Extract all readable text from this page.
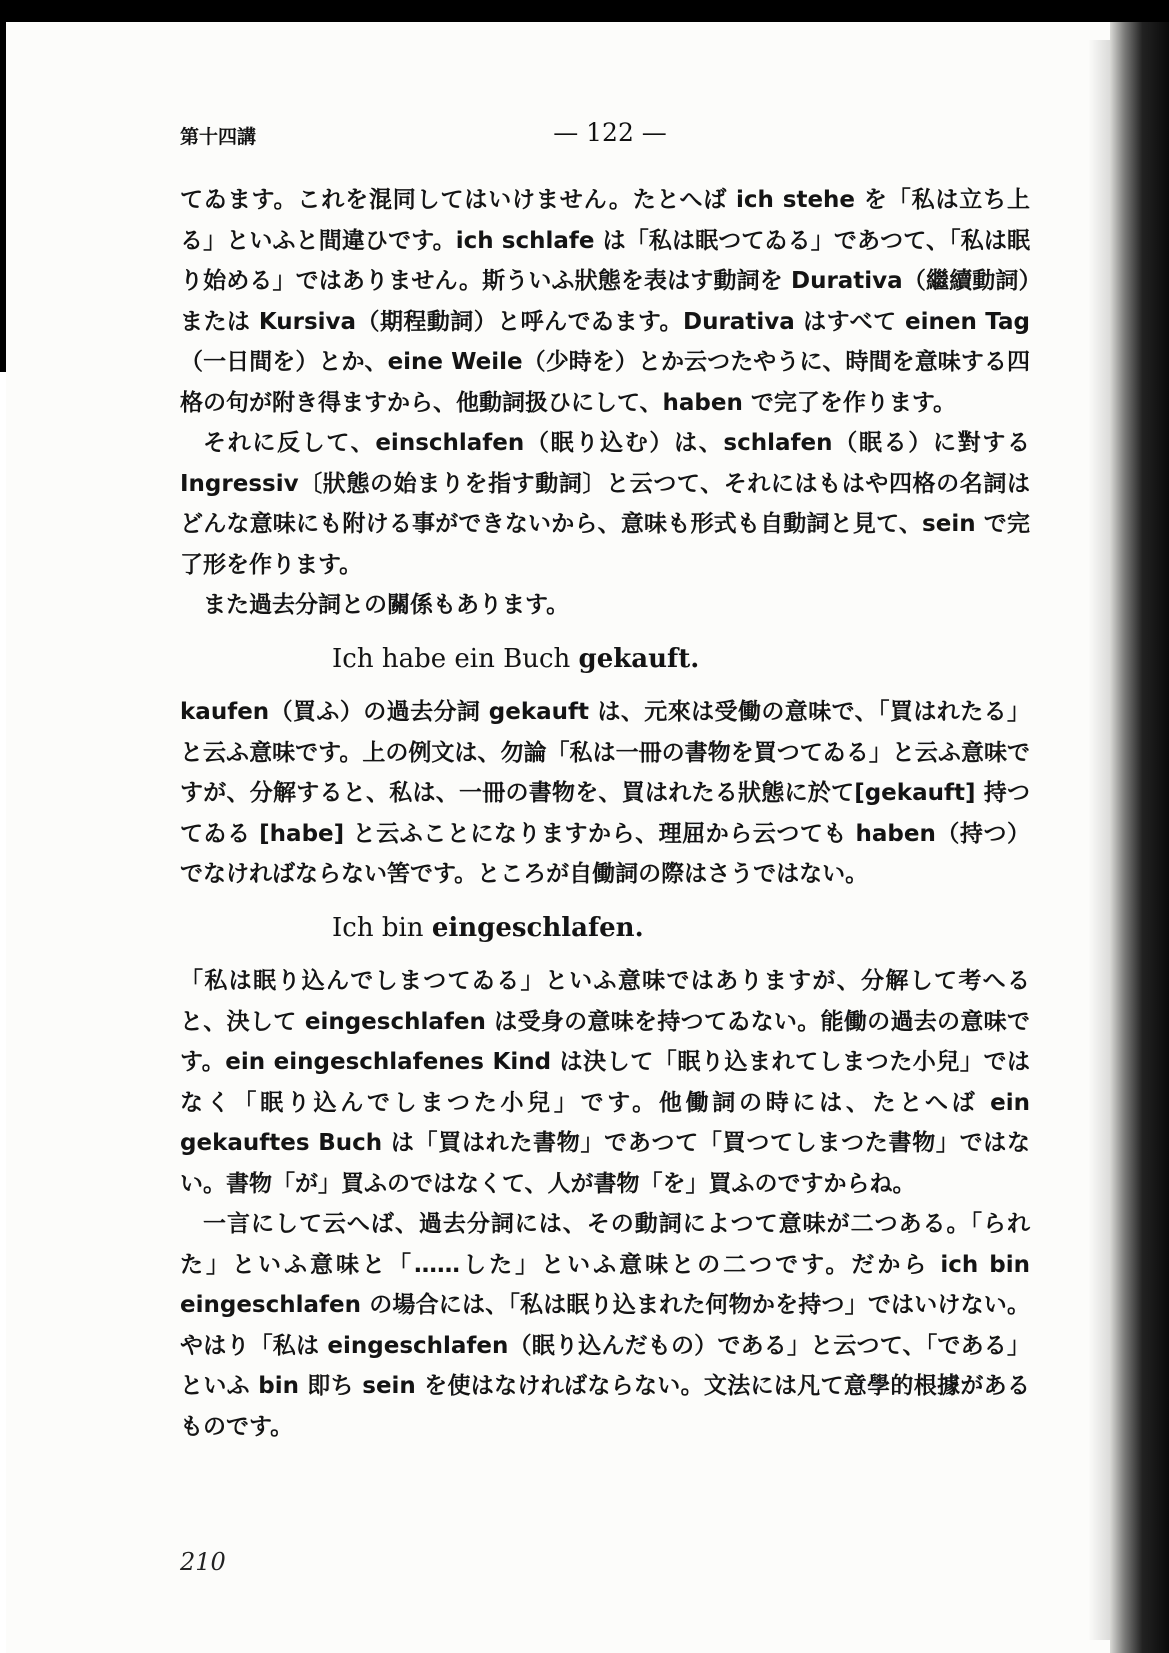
第十四講	— 122 —

てゐます。これを混同してはいけません。たとへば ich stehe を「私は立ち上る」といふと間違ひです。ich schlafe は「私は眠つてゐる」であつて、「私は眠り始める」ではありません。斯ういふ狀態を表はす動詞を Durativa（繼續動詞）または Kursiva（期程動詞）と呼んでゐます。Durativa はすべて einen Tag（一日間を）とか、eine Weile（少時を）とか云つたやうに、時間を意味する四格の句が附き得ますから、他動詞扱ひにして、haben で完了を作ります。

それに反して、einschlafen（眠り込む）は、schlafen（眠る）に對する Ingressiv〔狀態の始まりを指す動詞〕と云つて、それにはもはや四格の名詞はどんな意味にも附ける事ができないから、意味も形式も自動詞と見て、sein で完了形を作ります。

また過去分詞との關係もあります。

Ich habe ein Buch gekauft.

kaufen（買ふ）の過去分詞 gekauft は、元來は受働の意味で、「買はれたる」と云ふ意味です。上の例文は、勿論「私は一冊の書物を買つてゐる」と云ふ意味ですが、分解すると、私は、一冊の書物を、買はれたる狀態に於て[gekauft] 持つてゐる [habe] と云ふことになりますから、理屈から云つても haben（持つ）でなければならない筈です。ところが自働詞の際はさうではない。

Ich bin eingeschlafen.

「私は眠り込んでしまつてゐる」といふ意味ではありますが、分解して考へると、決して eingeschlafen は受身の意味を持つてゐない。能働の過去の意味です。ein eingeschlafenes Kind は決して「眠り込まれてしまつた小兒」ではなく「眠り込んでしまつた小兒」です。他働詞の時には、たとへば ein gekauftes Buch は「買はれた書物」であつて「買つてしまつた書物」ではない。書物「が」買ふのではなくて、人が書物「を」買ふのですからね。

一言にして云へば、過去分詞には、その動詞によつて意味が二つある。「られた」といふ意味と「……した」といふ意味との二つです。だから ich bin eingeschlafen の場合には、「私は眠り込まれた何物かを持つ」ではいけない。やはり「私は eingeschlafen（眠り込んだもの）である」と云つて、「である」といふ bin 即ち sein を使はなければならない。文法には凡て意學的根據があるものです。

210
